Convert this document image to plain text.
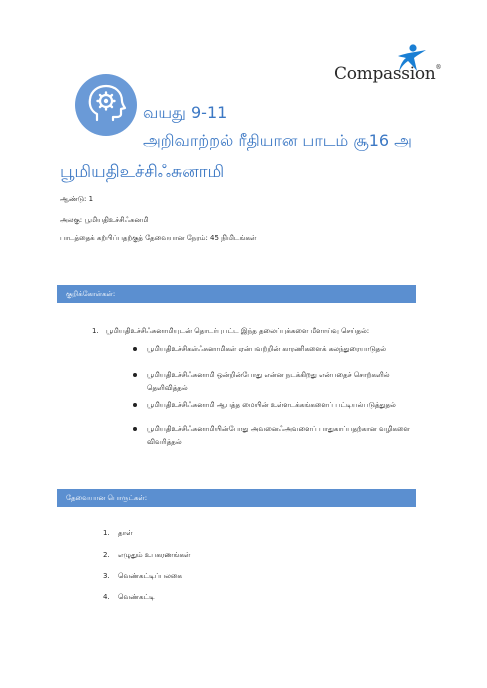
Compassion®
வயது 9-11
அறிவாற்றல் ரீதியான பாடம் சூ16 அ
பூமியதிஉச்சிஃசுனாமி
ஆண்டு: 1
அலகு: பூமியதிஉச்சிஃசுனமி
பாடத்தைக் கற்பிப்பதற்குத் தேவையான நேரம்: 45 நிமிடங்கள்
குறிக்கோள்கள்:
1. பூமியதிஉச்சிஃசுனாமியுடன் தொடர்புபட்ட இந்த தலைப்புக்களை மீளாய்வு செய்தல்:
பூமியதிஉச்சிகள்ஃசுனாமிகள் ஏன்பவற்றின் காரணிகளைக் கலந்துரையாடுதல்
பூமியதிஉச்சிஃசுனாமி ஒன்றின்போது என்ன நடக்கிறது என்பதைச் சொற்களில் தெளிவித்தல்
பூமியதிஉச்சிஃசுனாமி ஆபத்த மையின் உள்ளடக்கங்களைப் பட்டியல்படுத்துதல்
பூமியதிஉச்சிஃசுனாமியின்போது அவனைஃஅவளைப் பாதுகாப்பதற்கான வழிகளை விவரித்தல்
தேவையான பொருட்கள்:
1. தாள்
2. எழுதும் உபகரணங்கள்
3. வெண்கட்டிப்பலகை
4. வெண்கட்டி
